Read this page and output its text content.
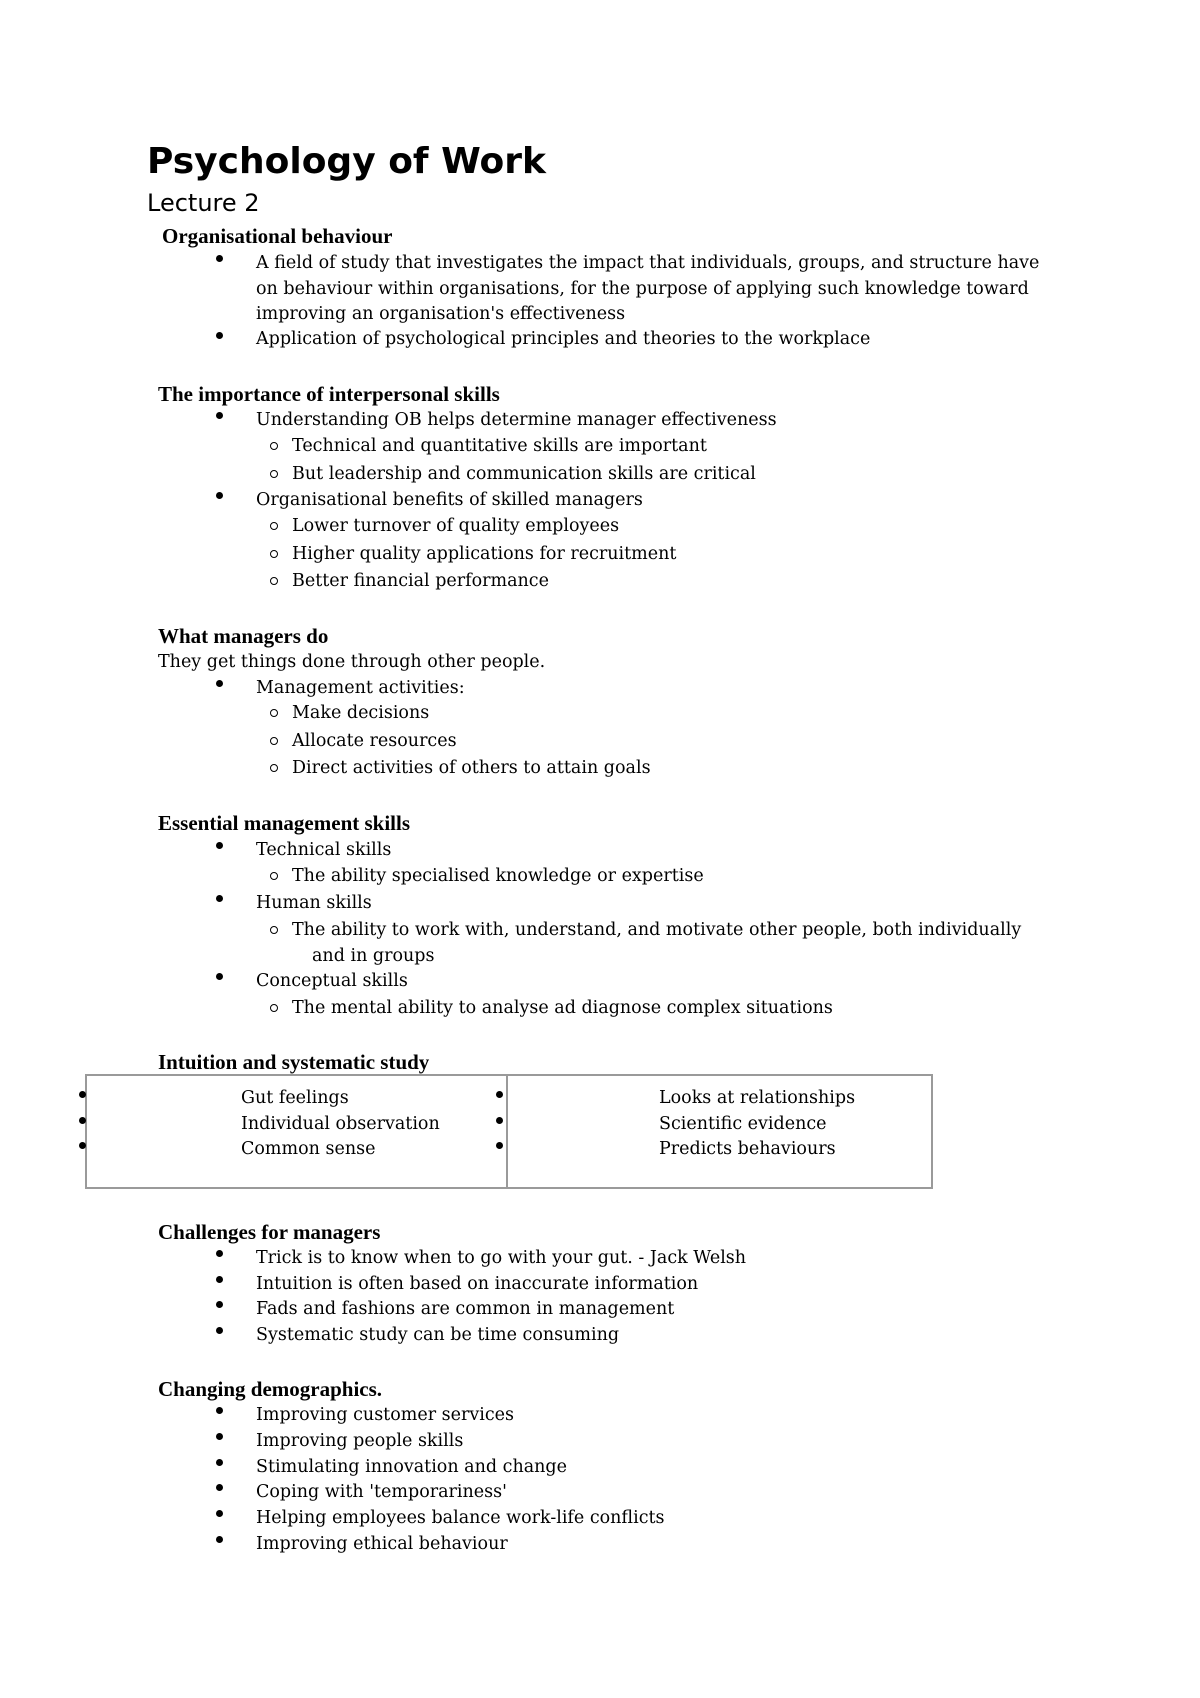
Psychology of Work
Lecture 2
Organisational behaviour
A field of study that investigates the impact that individuals, groups, and structure have
on behaviour within organisations, for the purpose of applying such knowledge toward
improving an organisation's effectiveness
Application of psychological principles and theories to the workplace
The importance of interpersonal skills
Understanding OB helps determine manager effectiveness
Technical and quantitative skills are important
But leadership and communication skills are critical
Organisational benefits of skilled managers
Lower turnover of quality employees
Higher quality applications for recruitment
Better financial performance
What managers do
They get things done through other people.
Management activities:
Make decisions
Allocate resources
Direct activities of others to attain goals
Essential management skills
Technical skills
The ability specialised knowledge or expertise
Human skills
The ability to work with, understand, and motivate other people, both individually
and in groups
Conceptual skills
The mental ability to analyse ad diagnose complex situations
Intuition and systematic study
Gut feelings
Individual observation
Common sense
Looks at relationships
Scientific evidence
Predicts behaviours
Challenges for managers
Trick is to know when to go with your gut. - Jack Welsh
Intuition is often based on inaccurate information
Fads and fashions are common in management
Systematic study can be time consuming
Changing demographics.
Improving customer services
Improving people skills
Stimulating innovation and change
Coping with 'temporariness'
Helping employees balance work-life conflicts
Improving ethical behaviour
